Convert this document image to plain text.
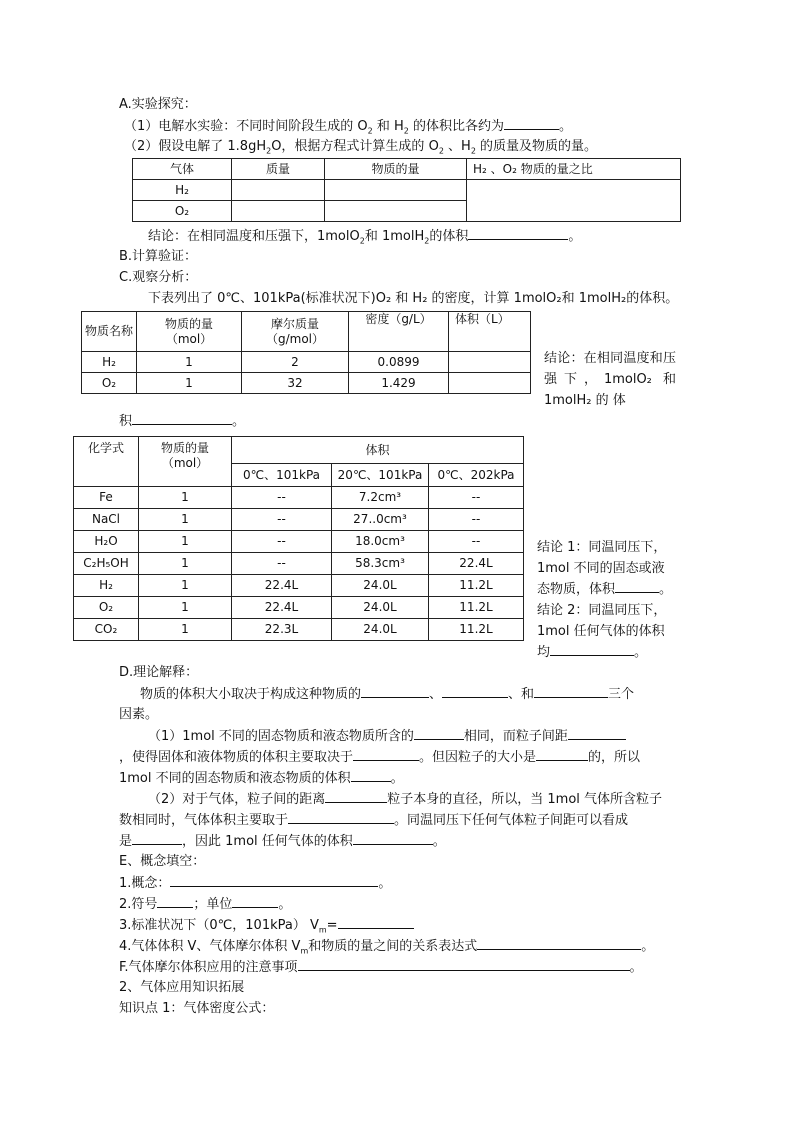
A.实验探究：
（1）电解水实验：不同时间阶段生成的 $O_2$ 和 $H_2$ 的体积比各约为	。
（2）假设电解了 $1.8gH_2O$，根据方程式计算生成的 $O_2$ 、$H_2$ 的质量及物质的量。
气体	质量	物质的量	H₂ 、O₂ 物质的量之比
H₂			
O₂			
结论：在相同温度和压强下，1molO$_2$和 1molH$_2$的体积	。
B.计算验证：
C.观察分析：
下表列出了 0℃、101kPa(标准状况下)O₂ 和 H₂ 的密度，计算 1molO₂和 1molH₂的体积。
物质名称	物质的量（mol）	摩尔质量（g/mol）	密度（g/L）	体积（L）
H₂	1	2	0.0899	
O₂	1	32	1.429	
结论：在相同温度和压强下，1molO₂ 和 1molH₂ 的 体
积	。
化学式	物质的量（mol）	体积		
		0℃、101kPa	20℃、101kPa	0℃、202kPa
Fe	1	--	7.2cm³	--
NaCl	1	--	27..0cm³	--
H₂O	1	--	18.0cm³	--
C₂H₅OH	1	--	58.3cm³	22.4L
H₂	1	22.4L	24.0L	11.2L
O₂	1	22.4L	24.0L	11.2L
CO₂	1	22.3L	24.0L	11.2L
结论 1：同温同压下，1mol 不同的固态或液态物质，体积	。 结论 2：同温同压下，1mol 任何气体的体积均	。
D.理论解释：
物质的体积大小取决于构成这种物质的	、	、和	三个
因素。
（1）1mol 不同的固态物质和液态物质所含的	相同，而粒子间距
，使得固体和液体物质的体积主要取决于	。但因粒子的大小是	的，所以
1mol 不同的固态物质和液态物质的体积	。
（2）对于气体，粒子间的距离	粒子本身的直径，所以，当 1mol 气体所含粒子
数相同时，气体体积主要取于	。同温同压下任何气体粒子间距可以看成
是	，因此 1mol 任何气体的体积	。
E、概念填空：
1.概念：	。
2.符号	；单位	。
3.标准状况下（0℃，101kPa） $V_m=$
4.气体体积 V、气体摩尔体积 $V_m$和物质的量之间的关系表达式	。
F.气体摩尔体积应用的注意事项	。
2、气体应用知识拓展
知识点 1：气体密度公式：
